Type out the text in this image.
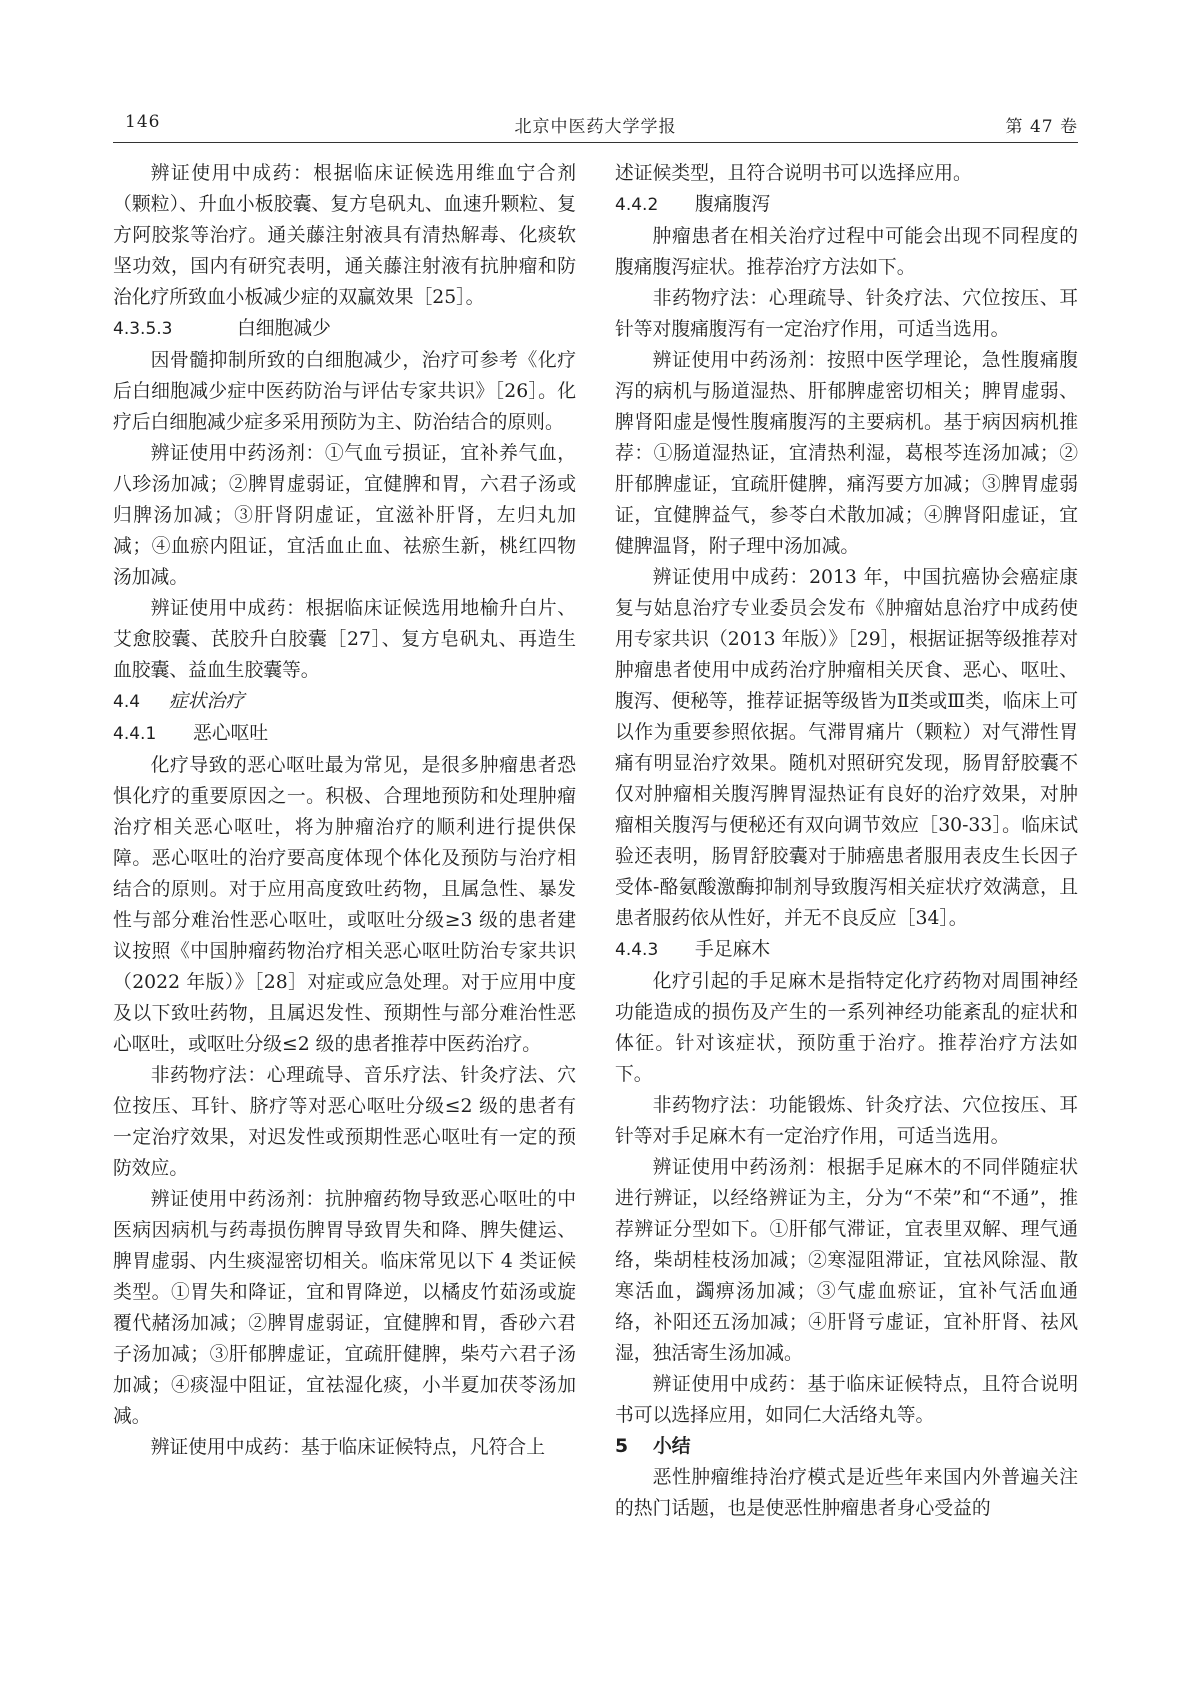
146	北京中医药大学学报	第 47 卷

辨证使用中成药：根据临床证候选用维血宁合剂（颗粒）、升血小板胶囊、复方皂矾丸、血速升颗粒、复方阿胶浆等治疗。通关藤注射液具有清热解毒、化痰软坚功效，国内有研究表明，通关藤注射液有抗肿瘤和防治化疗所致血小板减少症的双赢效果［25］。

4.3.5.3	白细胞减少

因骨髓抑制所致的白细胞减少，治疗可参考《化疗后白细胞减少症中医药防治与评估专家共识》［26］。化疗后白细胞减少症多采用预防为主、防治结合的原则。

辨证使用中药汤剂：①气血亏损证，宜补养气血，八珍汤加减；②脾胃虚弱证，宜健脾和胃，六君子汤或归脾汤加减；③肝肾阴虚证，宜滋补肝肾，左归丸加减；④血瘀内阻证，宜活血止血、祛瘀生新，桃红四物汤加减。

辨证使用中成药：根据临床证候选用地榆升白片、艾愈胶囊、芪胶升白胶囊［27］、复方皂矾丸、再造生血胶囊、益血生胶囊等。

4.4 症状治疗

4.4.1 恶心呕吐

化疗导致的恶心呕吐最为常见，是很多肿瘤患者恐惧化疗的重要原因之一。积极、合理地预防和处理肿瘤治疗相关恶心呕吐，将为肿瘤治疗的顺利进行提供保障。恶心呕吐的治疗要高度体现个体化及预防与治疗相结合的原则。对于应用高度致吐药物，且属急性、暴发性与部分难治性恶心呕吐，或呕吐分级≥3 级的患者建议按照《中国肿瘤药物治疗相关恶心呕吐防治专家共识（2022 年版）》［28］对症或应急处理。对于应用中度及以下致吐药物，且属迟发性、预期性与部分难治性恶心呕吐，或呕吐分级≤2 级的患者推荐中医药治疗。

非药物疗法：心理疏导、音乐疗法、针灸疗法、穴位按压、耳针、脐疗等对恶心呕吐分级≤2 级的患者有一定治疗效果，对迟发性或预期性恶心呕吐有一定的预防效应。

辨证使用中药汤剂：抗肿瘤药物导致恶心呕吐的中医病因病机与药毒损伤脾胃导致胃失和降、脾失健运、脾胃虚弱、内生痰湿密切相关。临床常见以下 4 类证候类型。①胃失和降证，宜和胃降逆，以橘皮竹茹汤或旋覆代赭汤加减；②脾胃虚弱证，宜健脾和胃，香砂六君子汤加减；③肝郁脾虚证，宜疏肝健脾，柴芍六君子汤加减；④痰湿中阻证，宜祛湿化痰，小半夏加茯苓汤加减。

辨证使用中成药：基于临床证候特点，凡符合上

述证候类型，且符合说明书可以选择应用。

4.4.2 腹痛腹泻

肿瘤患者在相关治疗过程中可能会出现不同程度的腹痛腹泻症状。推荐治疗方法如下。

非药物疗法：心理疏导、针灸疗法、穴位按压、耳针等对腹痛腹泻有一定治疗作用，可适当选用。

辨证使用中药汤剂：按照中医学理论，急性腹痛腹泻的病机与肠道湿热、肝郁脾虚密切相关；脾胃虚弱、脾肾阳虚是慢性腹痛腹泻的主要病机。基于病因病机推荐：①肠道湿热证，宜清热利湿，葛根芩连汤加减；②肝郁脾虚证，宜疏肝健脾，痛泻要方加减；③脾胃虚弱证，宜健脾益气，参苓白术散加减；④脾肾阳虚证，宜健脾温肾，附子理中汤加减。

辨证使用中成药：2013 年，中国抗癌协会癌症康复与姑息治疗专业委员会发布《肿瘤姑息治疗中成药使用专家共识（2013 年版）》［29］，根据证据等级推荐对肿瘤患者使用中成药治疗肿瘤相关厌食、恶心、呕吐、腹泻、便秘等，推荐证据等级皆为Ⅱ类或Ⅲ类，临床上可以作为重要参照依据。气滞胃痛片（颗粒）对气滞性胃痛有明显治疗效果。随机对照研究发现，肠胃舒胶囊不仅对肿瘤相关腹泻脾胃湿热证有良好的治疗效果，对肿瘤相关腹泻与便秘还有双向调节效应［30-33］。临床试验还表明，肠胃舒胶囊对于肺癌患者服用表皮生长因子受体-酪氨酸激酶抑制剂导致腹泻相关症状疗效满意，且患者服药依从性好，并无不良反应［34］。

4.4.3 手足麻木

化疗引起的手足麻木是指特定化疗药物对周围神经功能造成的损伤及产生的一系列神经功能紊乱的症状和体征。针对该症状，预防重于治疗。推荐治疗方法如下。

非药物疗法：功能锻炼、针灸疗法、穴位按压、耳针等对手足麻木有一定治疗作用，可适当选用。

辨证使用中药汤剂：根据手足麻木的不同伴随症状进行辨证，以经络辨证为主，分为“不荣”和“不通”，推荐辨证分型如下。①肝郁气滞证，宜表里双解、理气通络，柴胡桂枝汤加减；②寒湿阻滞证，宜祛风除湿、散寒活血，蠲痹汤加减；③气虚血瘀证，宜补气活血通络，补阳还五汤加减；④肝肾亏虚证，宜补肝肾、祛风湿，独活寄生汤加减。

辨证使用中成药：基于临床证候特点，且符合说明书可以选择应用，如同仁大活络丸等。

5 小结

恶性肿瘤维持治疗模式是近些年来国内外普遍关注的热门话题，也是使恶性肿瘤患者身心受益的
